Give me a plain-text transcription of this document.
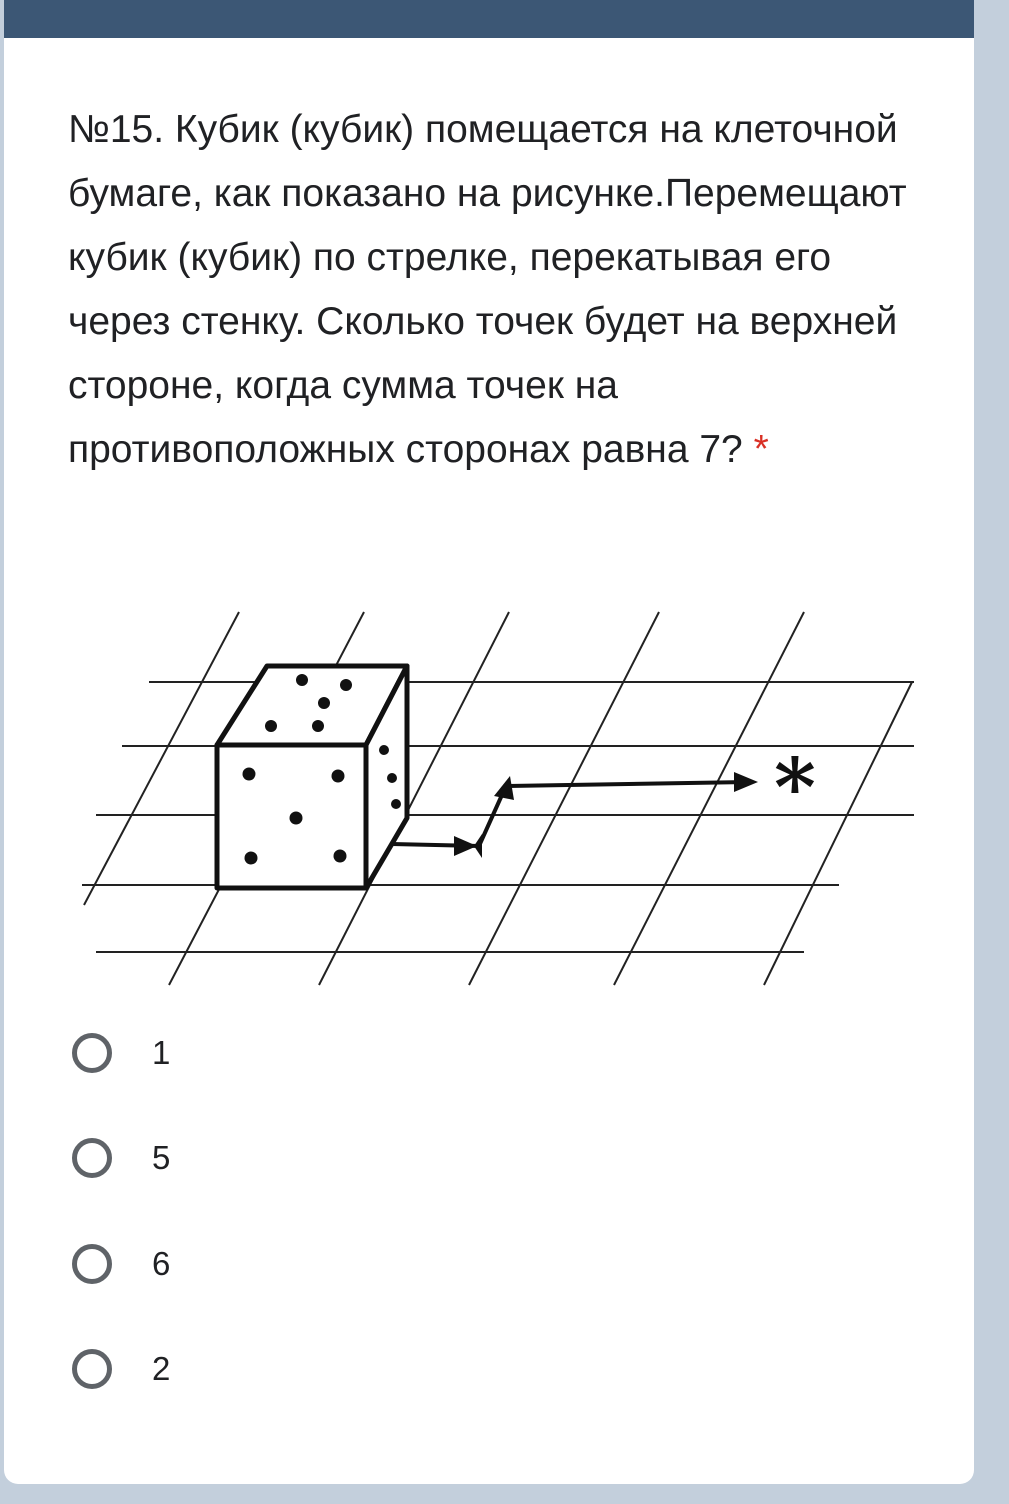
№15. Кубик (кубик) помещается на клеточной бумаге, как показано на рисунке.Перемещают кубик (кубик) по стрелке, перекатывая его через стенку. Сколько точек будет на верхней стороне, когда сумма точек на противоположных сторонах равна 7? *
*
1
5
6
2
